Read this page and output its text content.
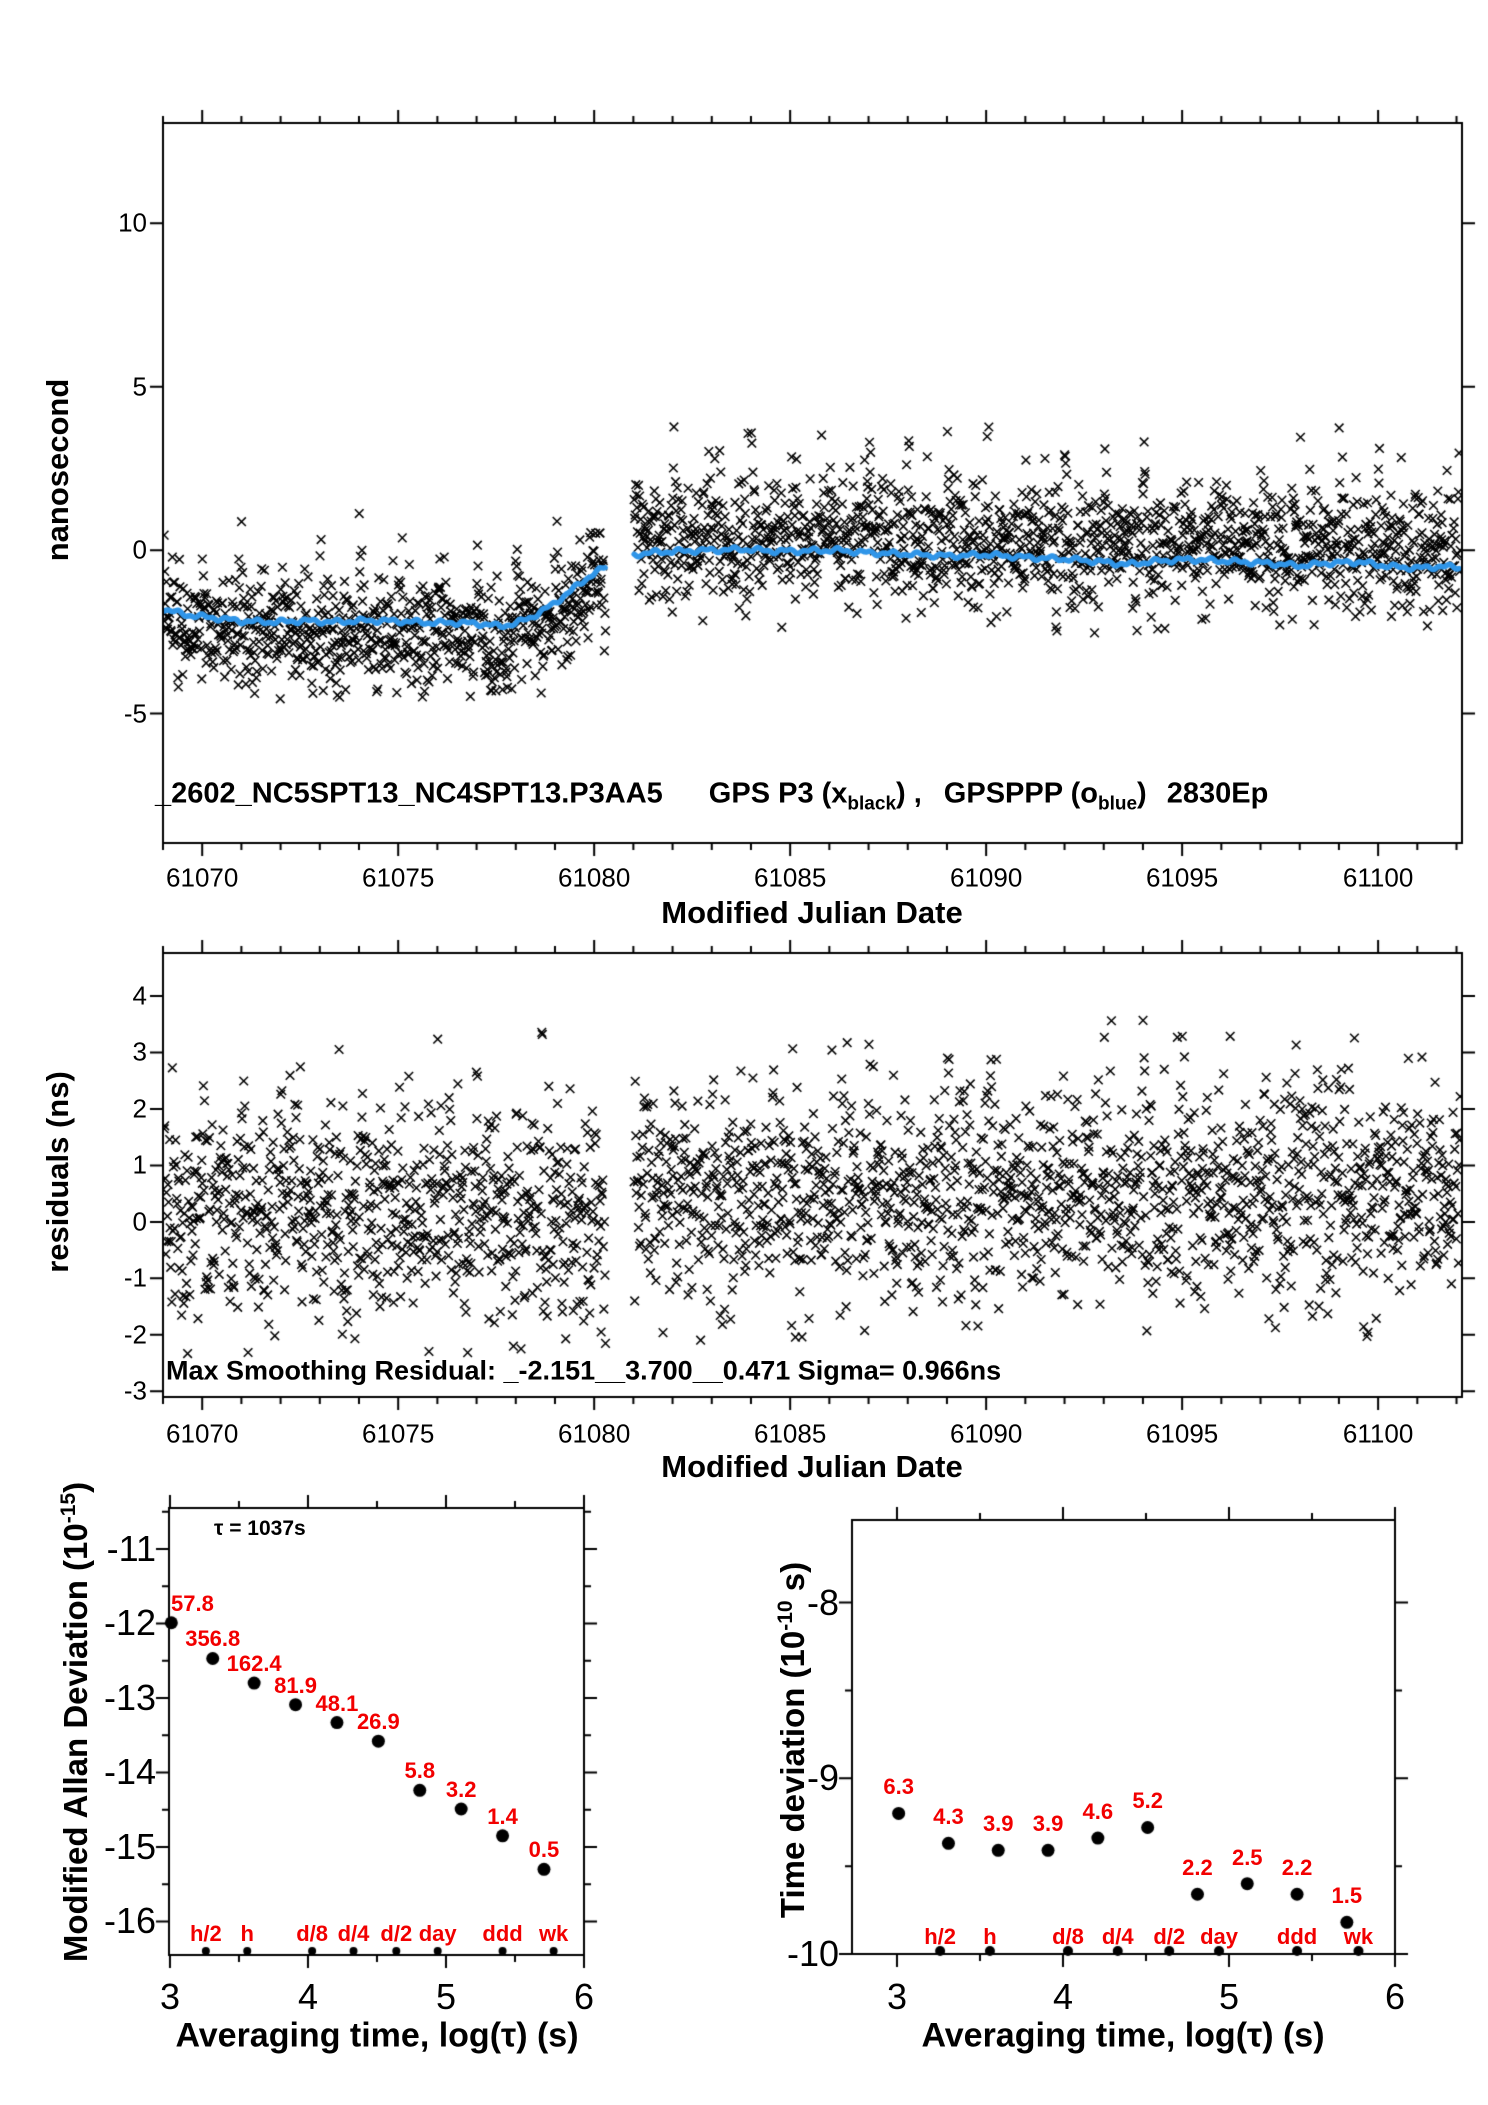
nanosecond
Modified Julian Date
_2602_NC5SPT13_NC4SPT13.P3AA5 GPS P3 $(x_{black})$ , GPSPPP $(o_{blue})$ 2830Ep
residuals (ns)
Modified Julian Date
Max Smoothing Residual: _-2.151__3.700__0.471 Sigma= 0.966ns
Modified Allan Deviation $(10^{-15})$
Averaging time, log(τ) (s)
τ = 1037s
Time deviation ($10^{-10}$ s)
Averaging time, log(τ) (s)
61070	61075	61080	61085	61090	61095	61100
-5
0
5
10
61070	61075	61080	61085	61090	61095	61100
-3
-2
-1
0
1
2
3
4
3	4	5	6
-16
-15
-14
-13
-12
-11
57.8
356.8
162.4
81.9
48.1
26.9
5.8
3.2
1.4
0.5
h/2 h d/8 d/4 d/2 day ddd wk
3	4	5	6
-10
-9
-8
6.3
4.3 3.9 3.9 4.6 5.2
2.2 2.5 2.2
1.5
h/2 h	d/8 d/4 d/2 day ddd wk
